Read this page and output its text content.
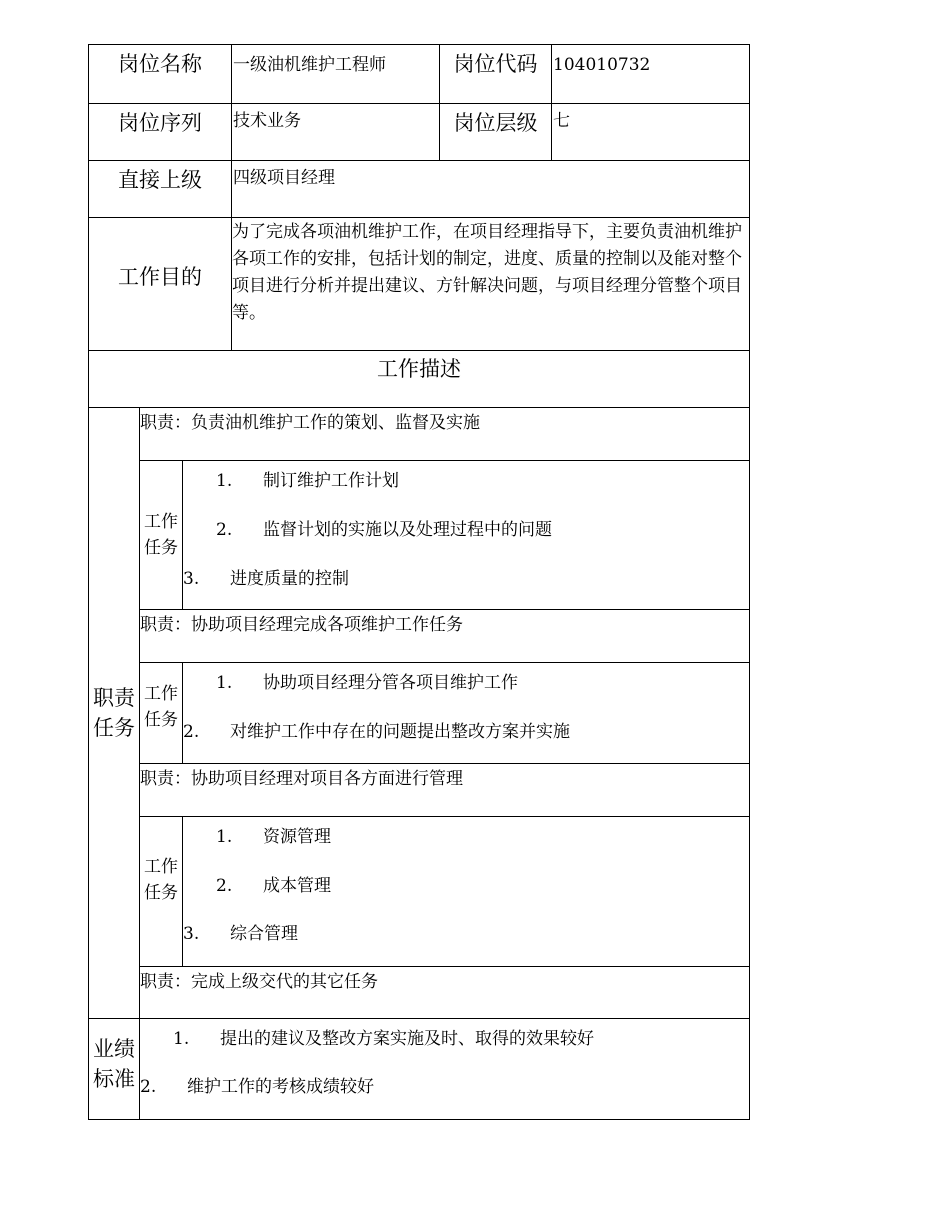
岗位名称 一级油机维护工程师	岗位代码 104010732
岗位序列 技术业务	岗位层级 七
直接上级 四级项目经理
工作目的
为了完成各项油机维护工作，在项目经理指导下，主要负责油机维护各项工作的安排，包括计划的制定，进度、质量的控制以及能对整个项目进行分析并提出建议、方针解决问题，与项目经理分管整个项目等。
工作描述
职责任务
职责：负责油机维护工作的策划、监督及实施
工作任务
1. 制订维护工作计划
2. 监督计划的实施以及处理过程中的问题
3. 进度质量的控制
职责：协助项目经理完成各项维护工作任务
工作任务
1. 协助项目经理分管各项目维护工作
2. 对维护工作中存在的问题提出整改方案并实施
职责：协助项目经理对项目各方面进行管理
工作任务
1. 资源管理
2. 成本管理
3. 综合管理
职责：完成上级交代的其它任务
业绩标准
1. 提出的建议及整改方案实施及时、取得的效果较好
2. 维护工作的考核成绩较好
